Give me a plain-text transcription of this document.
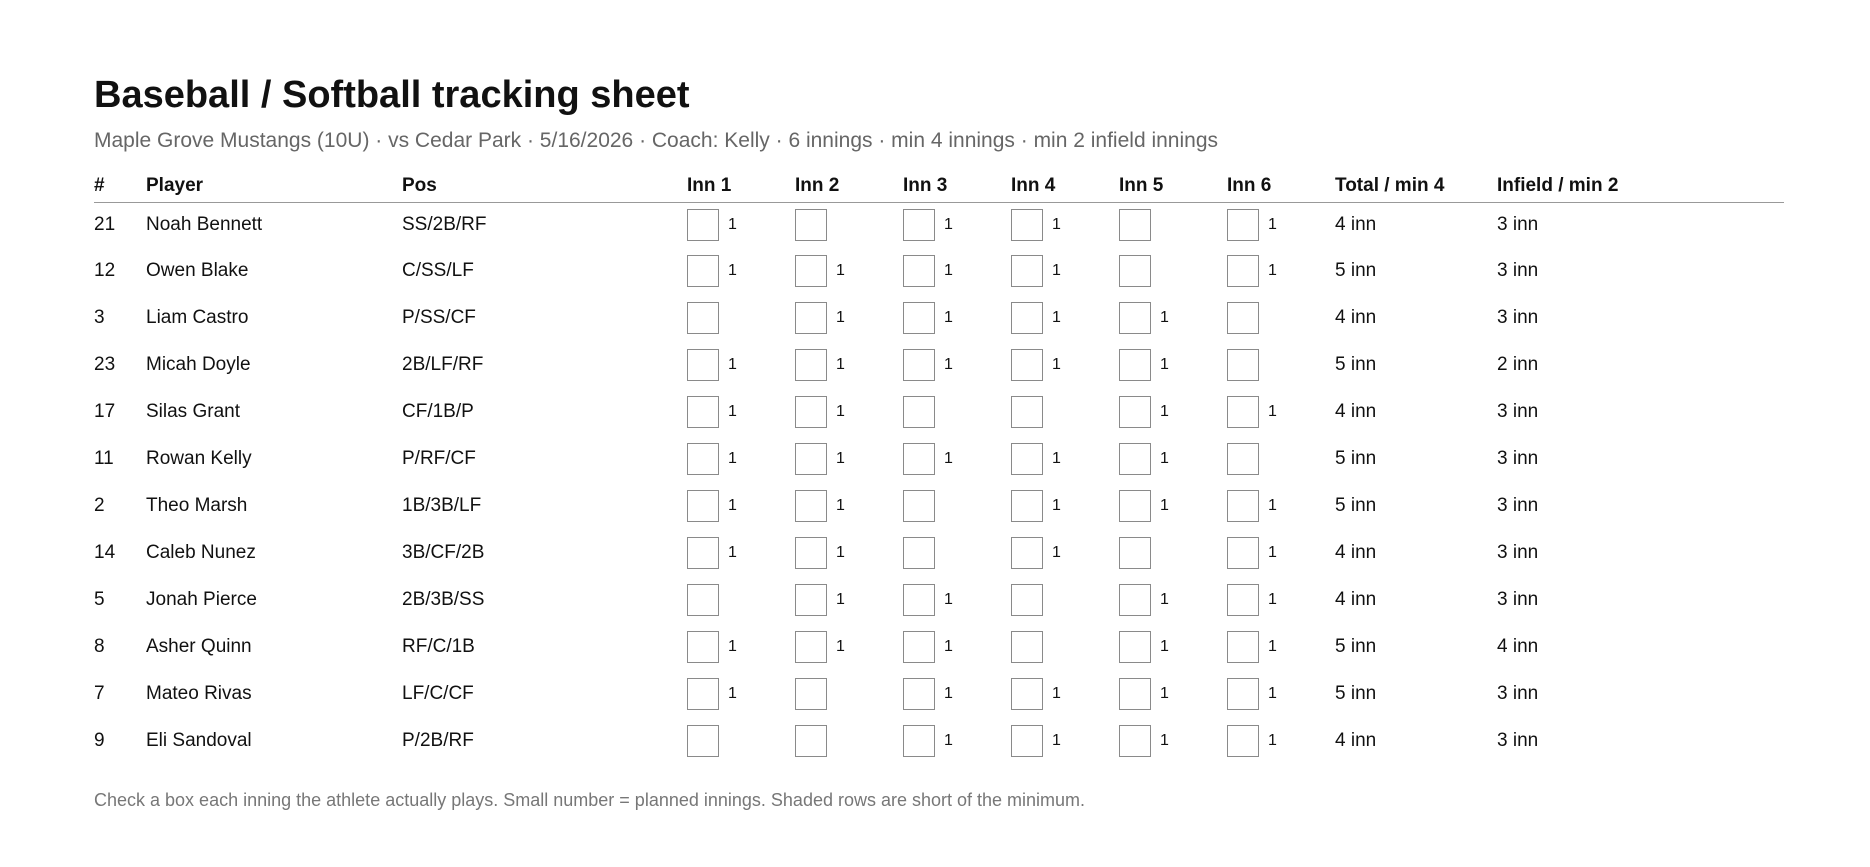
Baseball / Softball tracking sheet
Maple Grove Mustangs (10U) · vs Cedar Park · 5/16/2026 · Coach: Kelly · 6 innings · min 4 innings · min 2 infield innings
#	Player	Pos	Inn 1	Inn 2	Inn 3	Inn 4	Inn 5	Inn 6	Total / min 4	Infield / min 2
21	Noah Bennett	SS/2B/RF	1		1	1		1	4 inn	3 inn
12	Owen Blake	C/SS/LF	1	1	1	1		1	5 inn	3 inn
3	Liam Castro	P/SS/CF		1	1	1	1		4 inn	3 inn
23	Micah Doyle	2B/LF/RF	1	1	1	1	1		5 inn	2 inn
17	Silas Grant	CF/1B/P	1	1			1	1	4 inn	3 inn
11	Rowan Kelly	P/RF/CF	1	1	1	1	1		5 inn	3 inn
2	Theo Marsh	1B/3B/LF	1	1		1	1	1	5 inn	3 inn
14	Caleb Nunez	3B/CF/2B	1	1		1		1	4 inn	3 inn
5	Jonah Pierce	2B/3B/SS		1	1		1	1	4 inn	3 inn
8	Asher Quinn	RF/C/1B	1	1	1		1	1	5 inn	4 inn
7	Mateo Rivas	LF/C/CF	1		1	1	1	1	5 inn	3 inn
9	Eli Sandoval	P/2B/RF			1	1	1	1	4 inn	3 inn
Check a box each inning the athlete actually plays. Small number = planned innings. Shaded rows are short of the minimum.
